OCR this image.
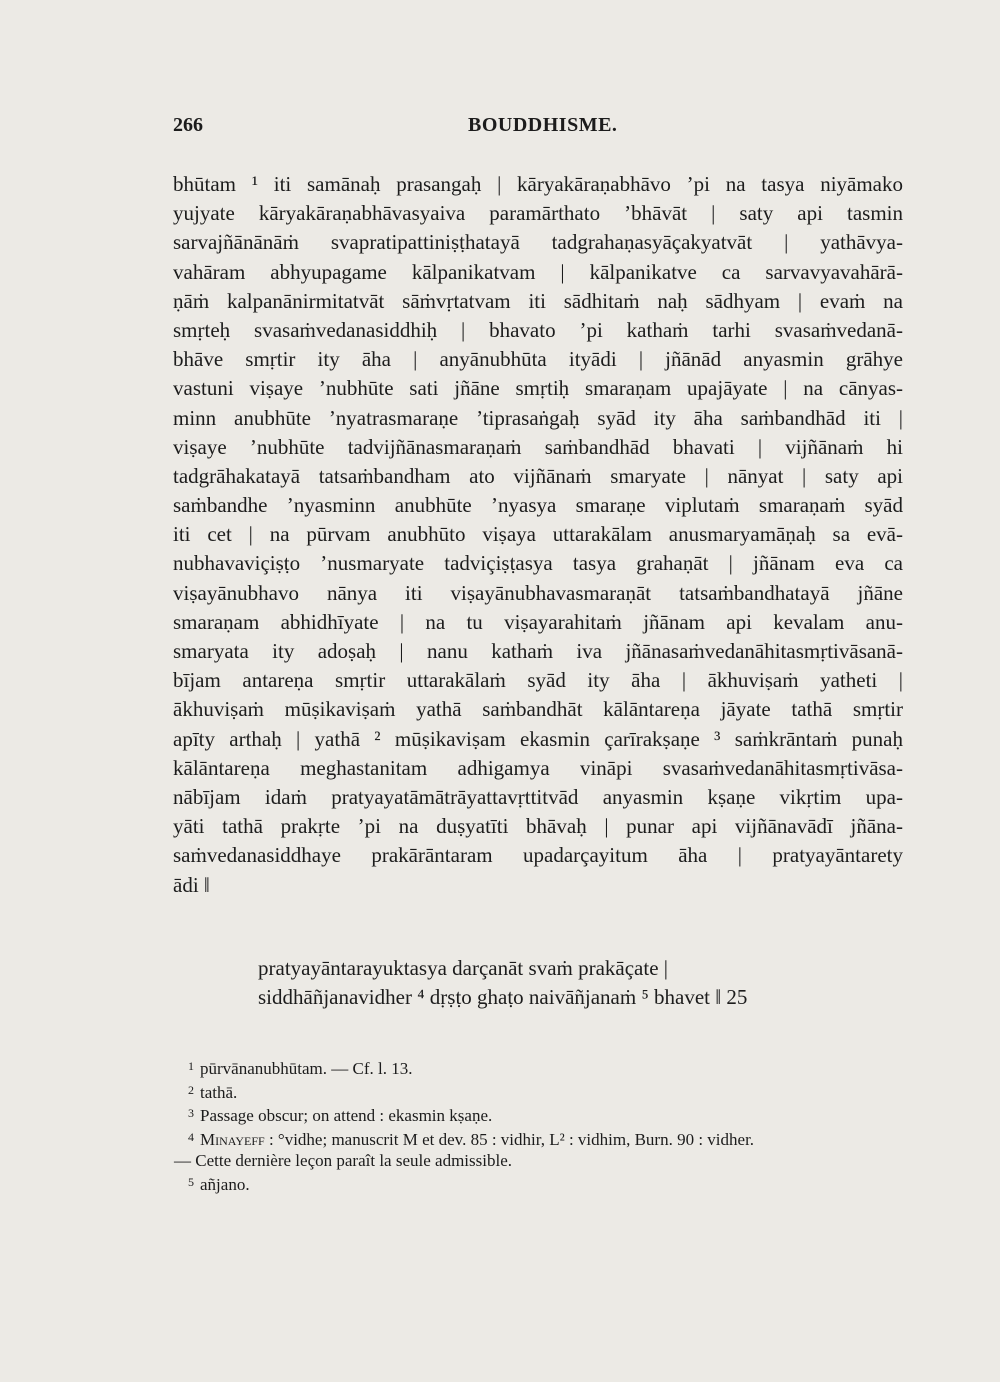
266	BOUDDHISME.
bhūtam ¹ iti samānaḥ prasangaḥ | kāryakāraṇabhāvo ’pi na tasya niyāmako
yujyate kāryakāraṇabhāvasyaiva paramārthato ’bhāvāt | saty api tasmin
sarvajñānānāṁ svapratipattiniṣṭhatayā tadgrahaṇasyāçakyatvāt | yathāvya-
vahāram abhyupagame kālpanikatvam | kālpanikatve ca sarvavyavahārā-
ṇāṁ kalpanānirmitatvāt sāṁvṛtatvam iti sādhitaṁ naḥ sādhyam | evaṁ na
smṛteḥ svasaṁvedanasiddhiḥ | bhavato ’pi kathaṁ tarhi svasaṁvedanā-
bhāve smṛtir ity āha | anyānubhūta ityādi | jñānād anyasmin grāhye
vastuni viṣaye ’nubhūte sati jñāne smṛtiḥ smaraṇam upajāyate | na cānyas-
minn anubhūte ’nyatrasmaraṇe ’tiprasaṅgaḥ syād ity āha saṁbandhād iti |
viṣaye ’nubhūte tadvijñānasmaraṇaṁ saṁbandhād bhavati | vijñānaṁ hi
tadgrāhakatayā tatsaṁbandham ato vijñānaṁ smaryate | nānyat | saty api
saṁbandhe ’nyasminn anubhūte ’nyasya smaraṇe viplutaṁ smaraṇaṁ syād
iti cet | na pūrvam anubhūto viṣaya uttarakālam anusmaryamāṇaḥ sa evā-
nubhavaviçiṣṭo ’nusmaryate tadviçiṣṭasya tasya grahaṇāt | jñānam eva ca
viṣayānubhavo nānya iti viṣayānubhavasmaraṇāt tatsaṁbandhatayā jñāne
smaraṇam abhidhīyate | na tu viṣayarahitaṁ jñānam api kevalam anu-
smaryata ity adoṣaḥ | nanu kathaṁ iva jñānasaṁvedanāhitasmṛtivāsanā-
bījam antareṇa smṛtir uttarakālaṁ syād ity āha | ākhuviṣaṁ yatheti |
ākhuviṣaṁ mūṣikaviṣaṁ yathā saṁbandhāt kālāntareṇa jāyate tathā smṛtir
apīty arthaḥ | yathā ² mūṣikaviṣam ekasmin çarīrakṣaṇe ³ saṁkrāntaṁ punaḥ
kālāntareṇa meghastanitam adhigamya vināpi svasaṁvedanāhitasmṛtivāsa-
nābījam idaṁ pratyayatāmātrāyattavṛttitvād anyasmin kṣaṇe vikṛtim upa-
yāti tathā prakṛte ’pi na duṣyatīti bhāvaḥ | punar api vijñānavādī jñāna-
saṁvedanasiddhaye prakārāntaram upadarçayitum āha | pratyayāntarety
ādi ‖
pratyayāntarayuktasya darçanāt svaṁ prakāçate |
siddhāñjanavidher ⁴ dṛṣṭo ghaṭo naivāñjanaṁ ⁵ bhavet ‖ 25
$^1$ pūrvānanubhūtam. — Cf. l. 13.
$^2$ tathā.
$^3$ Passage obscur; on attend : ekasmin kṣaṇe.
$^4$ Minayeff : °vidhe; manuscrit M et dev. 85 : vidhir, L² : vidhim, Burn. 90 : vidher.
— Cette dernière leçon paraît la seule admissible.
$^5$ añjano.
